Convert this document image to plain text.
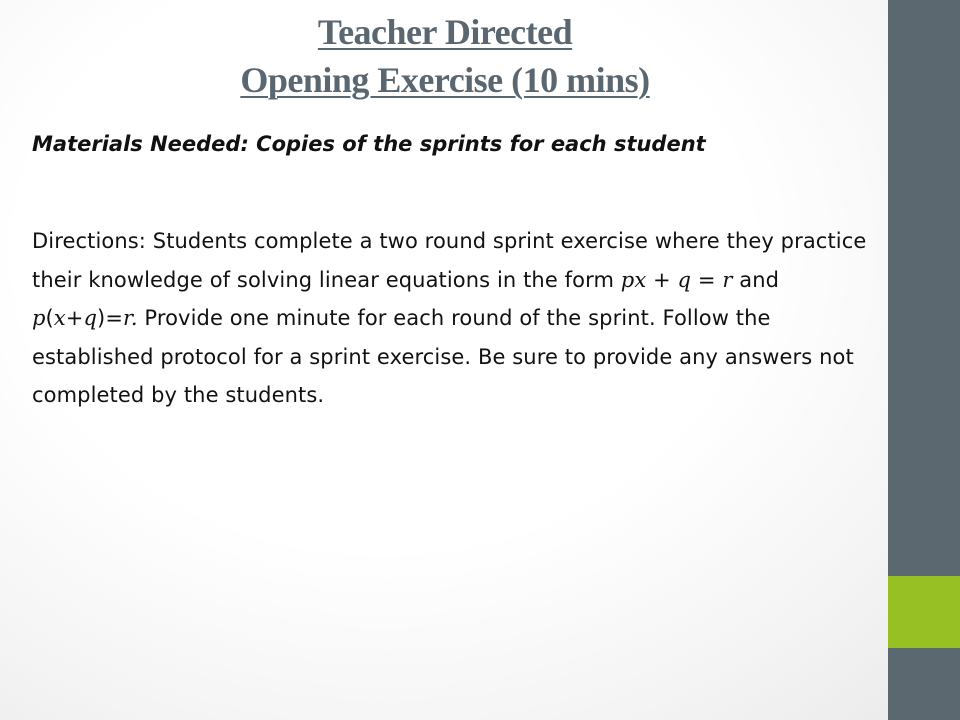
Teacher Directed
Opening Exercise (10 mins)

Materials Needed: Copies of the sprints for each student

Directions: Students complete a two round sprint exercise where they practice their knowledge of solving linear equations in the form px + q = r and p(x+q)=r. Provide one minute for each round of the sprint. Follow the established protocol for a sprint exercise. Be sure to provide any answers not completed by the students.
